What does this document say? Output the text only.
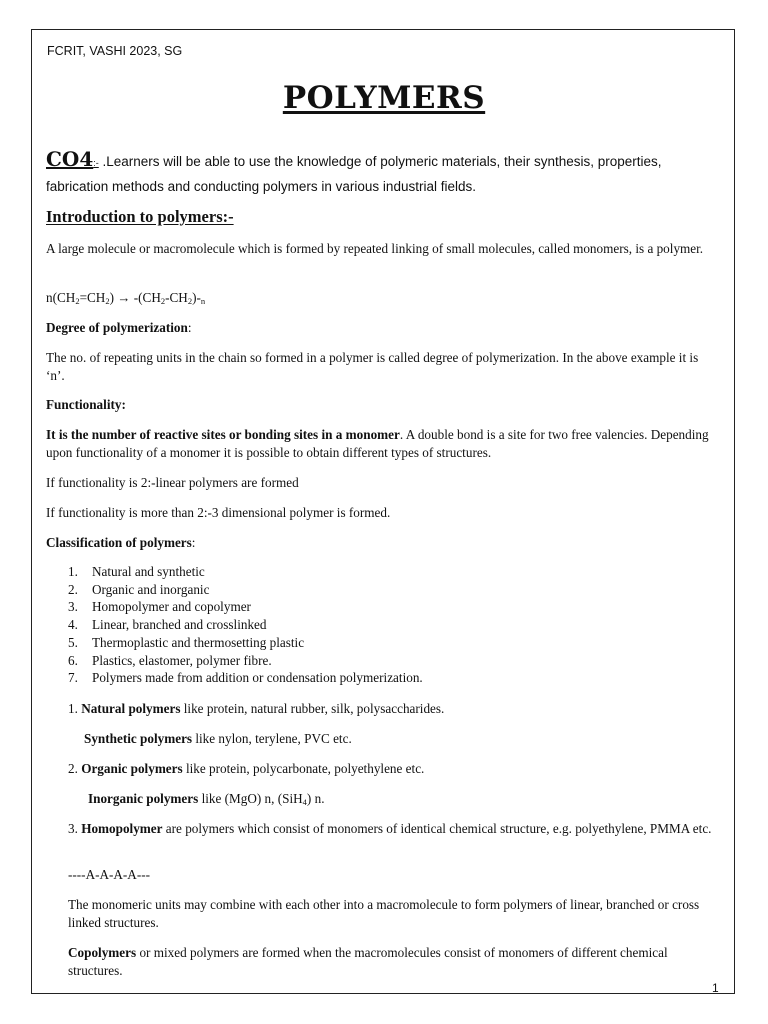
FCRIT, VASHI 2023, SG
POLYMERS
CO4:- .Learners will be able to use the knowledge of polymeric materials, their synthesis, properties, fabrication methods and conducting polymers in various industrial fields.
Introduction to polymers:-
A large molecule or macromolecule which is formed by repeated linking of small molecules, called monomers, is a polymer.
$n(CH_2=CH_2) \to -(CH_2-CH_2)-_n$
Degree of polymerization:
The no. of repeating units in the chain so formed in a polymer is called degree of polymerization. In the above example it is ‘n’.
Functionality:
It is the number of reactive sites or bonding sites in a monomer. A double bond is a site for two free valencies. Depending upon functionality of a monomer it is possible to obtain different types of structures.
If functionality is 2:-linear polymers are formed
If functionality is more than 2:-3 dimensional polymer is formed.
Classification of polymers:
1.	Natural and synthetic
2.	Organic and inorganic
3.	Homopolymer and copolymer
4.	Linear, branched and crosslinked
5.	Thermoplastic and thermosetting plastic
6.	Plastics, elastomer, polymer fibre.
7.	Polymers made from addition or condensation polymerization.
1. Natural polymers like protein, natural rubber, silk, polysaccharides.
Synthetic polymers like nylon, terylene, PVC etc.
2. Organic polymers like protein, polycarbonate, polyethylene etc.
Inorganic polymers like (MgO) n, (SiH$_4$) n.
3. Homopolymer are polymers which consist of monomers of identical chemical structure, e.g. polyethylene, PMMA etc.
----A-A-A-A---
The monomeric units may combine with each other into a macromolecule to form polymers of linear, branched or cross linked structures.
Copolymers or mixed polymers are formed when the macromolecules consist of monomers of different chemical structures.
1
